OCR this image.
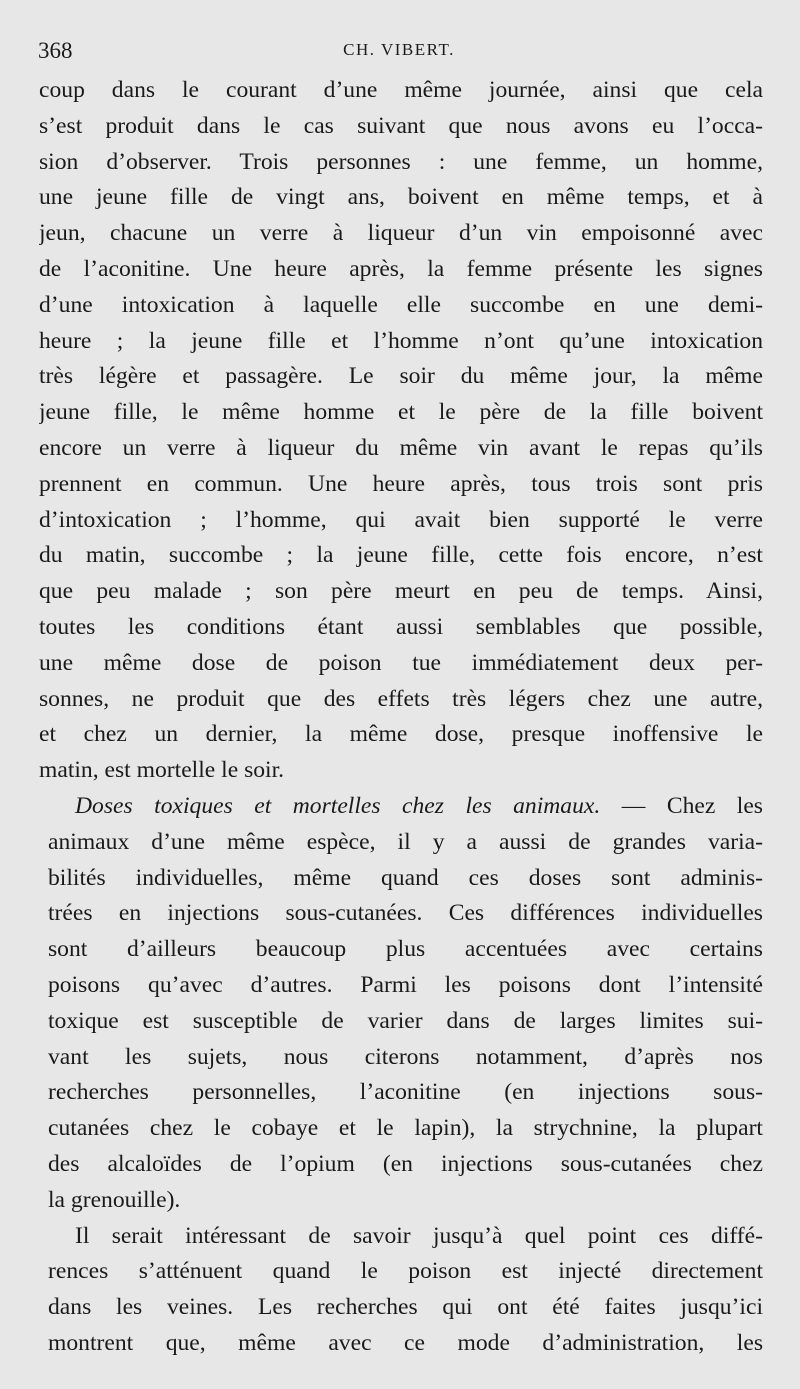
368	CH. VIBERT.
coup dans le courant d’une même journée, ainsi que cela
s’est produit dans le cas suivant que nous avons eu l’occa-
sion d’observer. Trois personnes : une femme, un homme,
une jeune fille de vingt ans, boivent en même temps, et à
jeun, chacune un verre à liqueur d’un vin empoisonné avec
de l’aconitine. Une heure après, la femme présente les signes
d’une intoxication à laquelle elle succombe en une demi-
heure ; la jeune fille et l’homme n’ont qu’une intoxication
très légère et passagère. Le soir du même jour, la même
jeune fille, le même homme et le père de la fille boivent
encore un verre à liqueur du même vin avant le repas qu’ils
prennent en commun. Une heure après, tous trois sont pris
d’intoxication ; l’homme, qui avait bien supporté le verre
du matin, succombe ; la jeune fille, cette fois encore, n’est
que peu malade ; son père meurt en peu de temps. Ainsi,
toutes les conditions étant aussi semblables que possible,
une même dose de poison tue immédiatement deux per-
sonnes, ne produit que des effets très légers chez une autre,
et chez un dernier, la même dose, presque inoffensive le
matin, est mortelle le soir.
Doses toxiques et mortelles chez les animaux. — Chez les
animaux d’une même espèce, il y a aussi de grandes varia-
bilités individuelles, même quand ces doses sont adminis-
trées en injections sous-cutanées. Ces différences individuelles
sont d’ailleurs beaucoup plus accentuées avec certains
poisons qu’avec d’autres. Parmi les poisons dont l’intensité
toxique est susceptible de varier dans de larges limites sui-
vant les sujets, nous citerons notamment, d’après nos
recherches personnelles, l’aconitine (en injections sous-
cutanées chez le cobaye et le lapin), la strychnine, la plupart
des alcaloïdes de l’opium (en injections sous-cutanées chez
la grenouille).
Il serait intéressant de savoir jusqu’à quel point ces diffé-
rences s’atténuent quand le poison est injecté directement
dans les veines. Les recherches qui ont été faites jusqu’ici
montrent que, même avec ce mode d’administration, les
